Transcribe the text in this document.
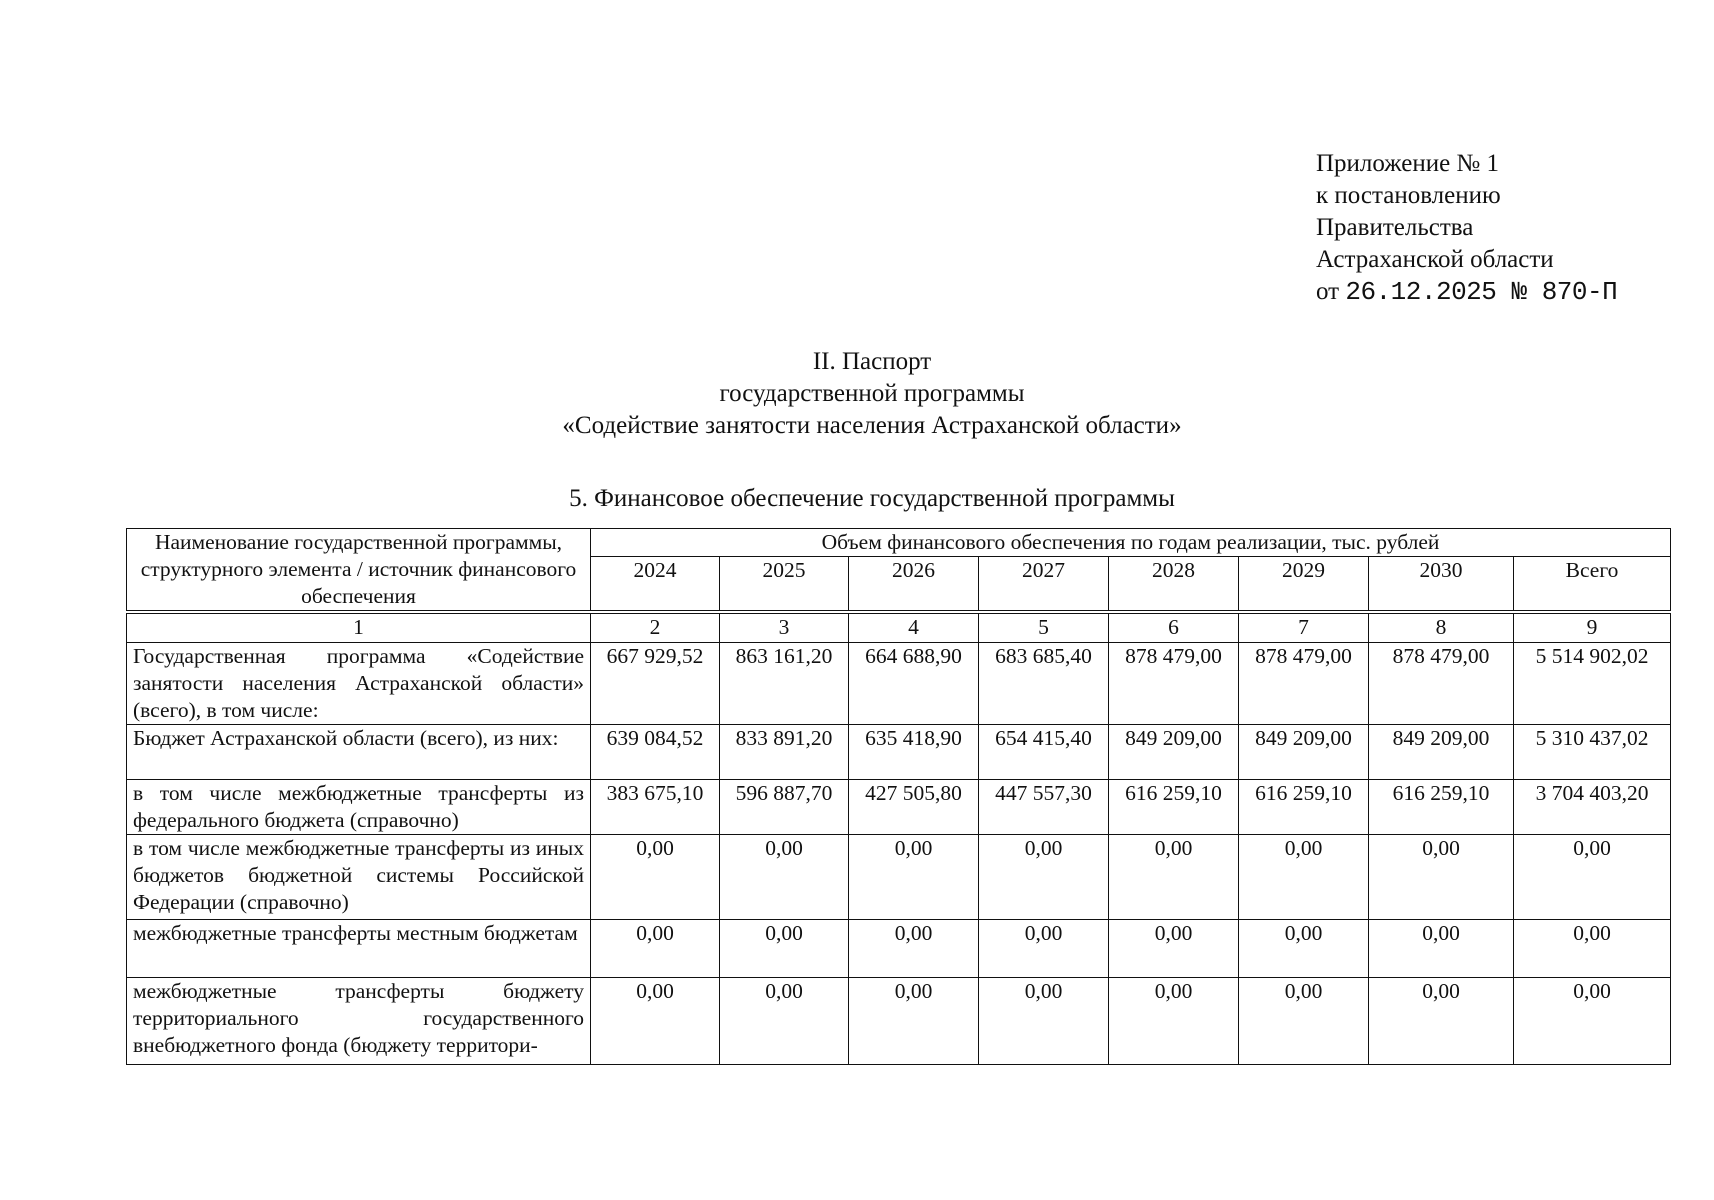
Приложение № 1
к постановлению
Правительства
Астраханской области
от 26.12.2025 № 870-П
II. Паспорт
государственной программы
«Содействие занятости населения Астраханской области»
5. Финансовое обеспечение государственной программы
Наименование государственной программы, структурного элемента / источник финансового обеспечения	Объем финансового обеспечения по годам реализации, тыс. рублей							
	2024	2025	2026	2027	2028	2029	2030	Всего
1	2	3	4	5	6	7	8	9
Государственная программа «Содействие занятости населения Астраханской области» (всего), в том числе:	667 929,52	863 161,20	664 688,90	683 685,40	878 479,00	878 479,00	878 479,00	5 514 902,02
Бюджет Астраханской области (всего), из них:	639 084,52	833 891,20	635 418,90	654 415,40	849 209,00	849 209,00	849 209,00	5 310 437,02
в том числе межбюджетные трансферты из федерального бюджета (справочно)	383 675,10	596 887,70	427 505,80	447 557,30	616 259,10	616 259,10	616 259,10	3 704 403,20
в том числе межбюджетные трансферты из иных бюджетов бюджетной системы Российской Федерации (справочно)	0,00	0,00	0,00	0,00	0,00	0,00	0,00	0,00
межбюджетные трансферты местным бюджетам	0,00	0,00	0,00	0,00	0,00	0,00	0,00	0,00
межбюджетные трансферты бюджету территориального государственного внебюджетного фонда (бюджету территори-	0,00	0,00	0,00	0,00	0,00	0,00	0,00	0,00
